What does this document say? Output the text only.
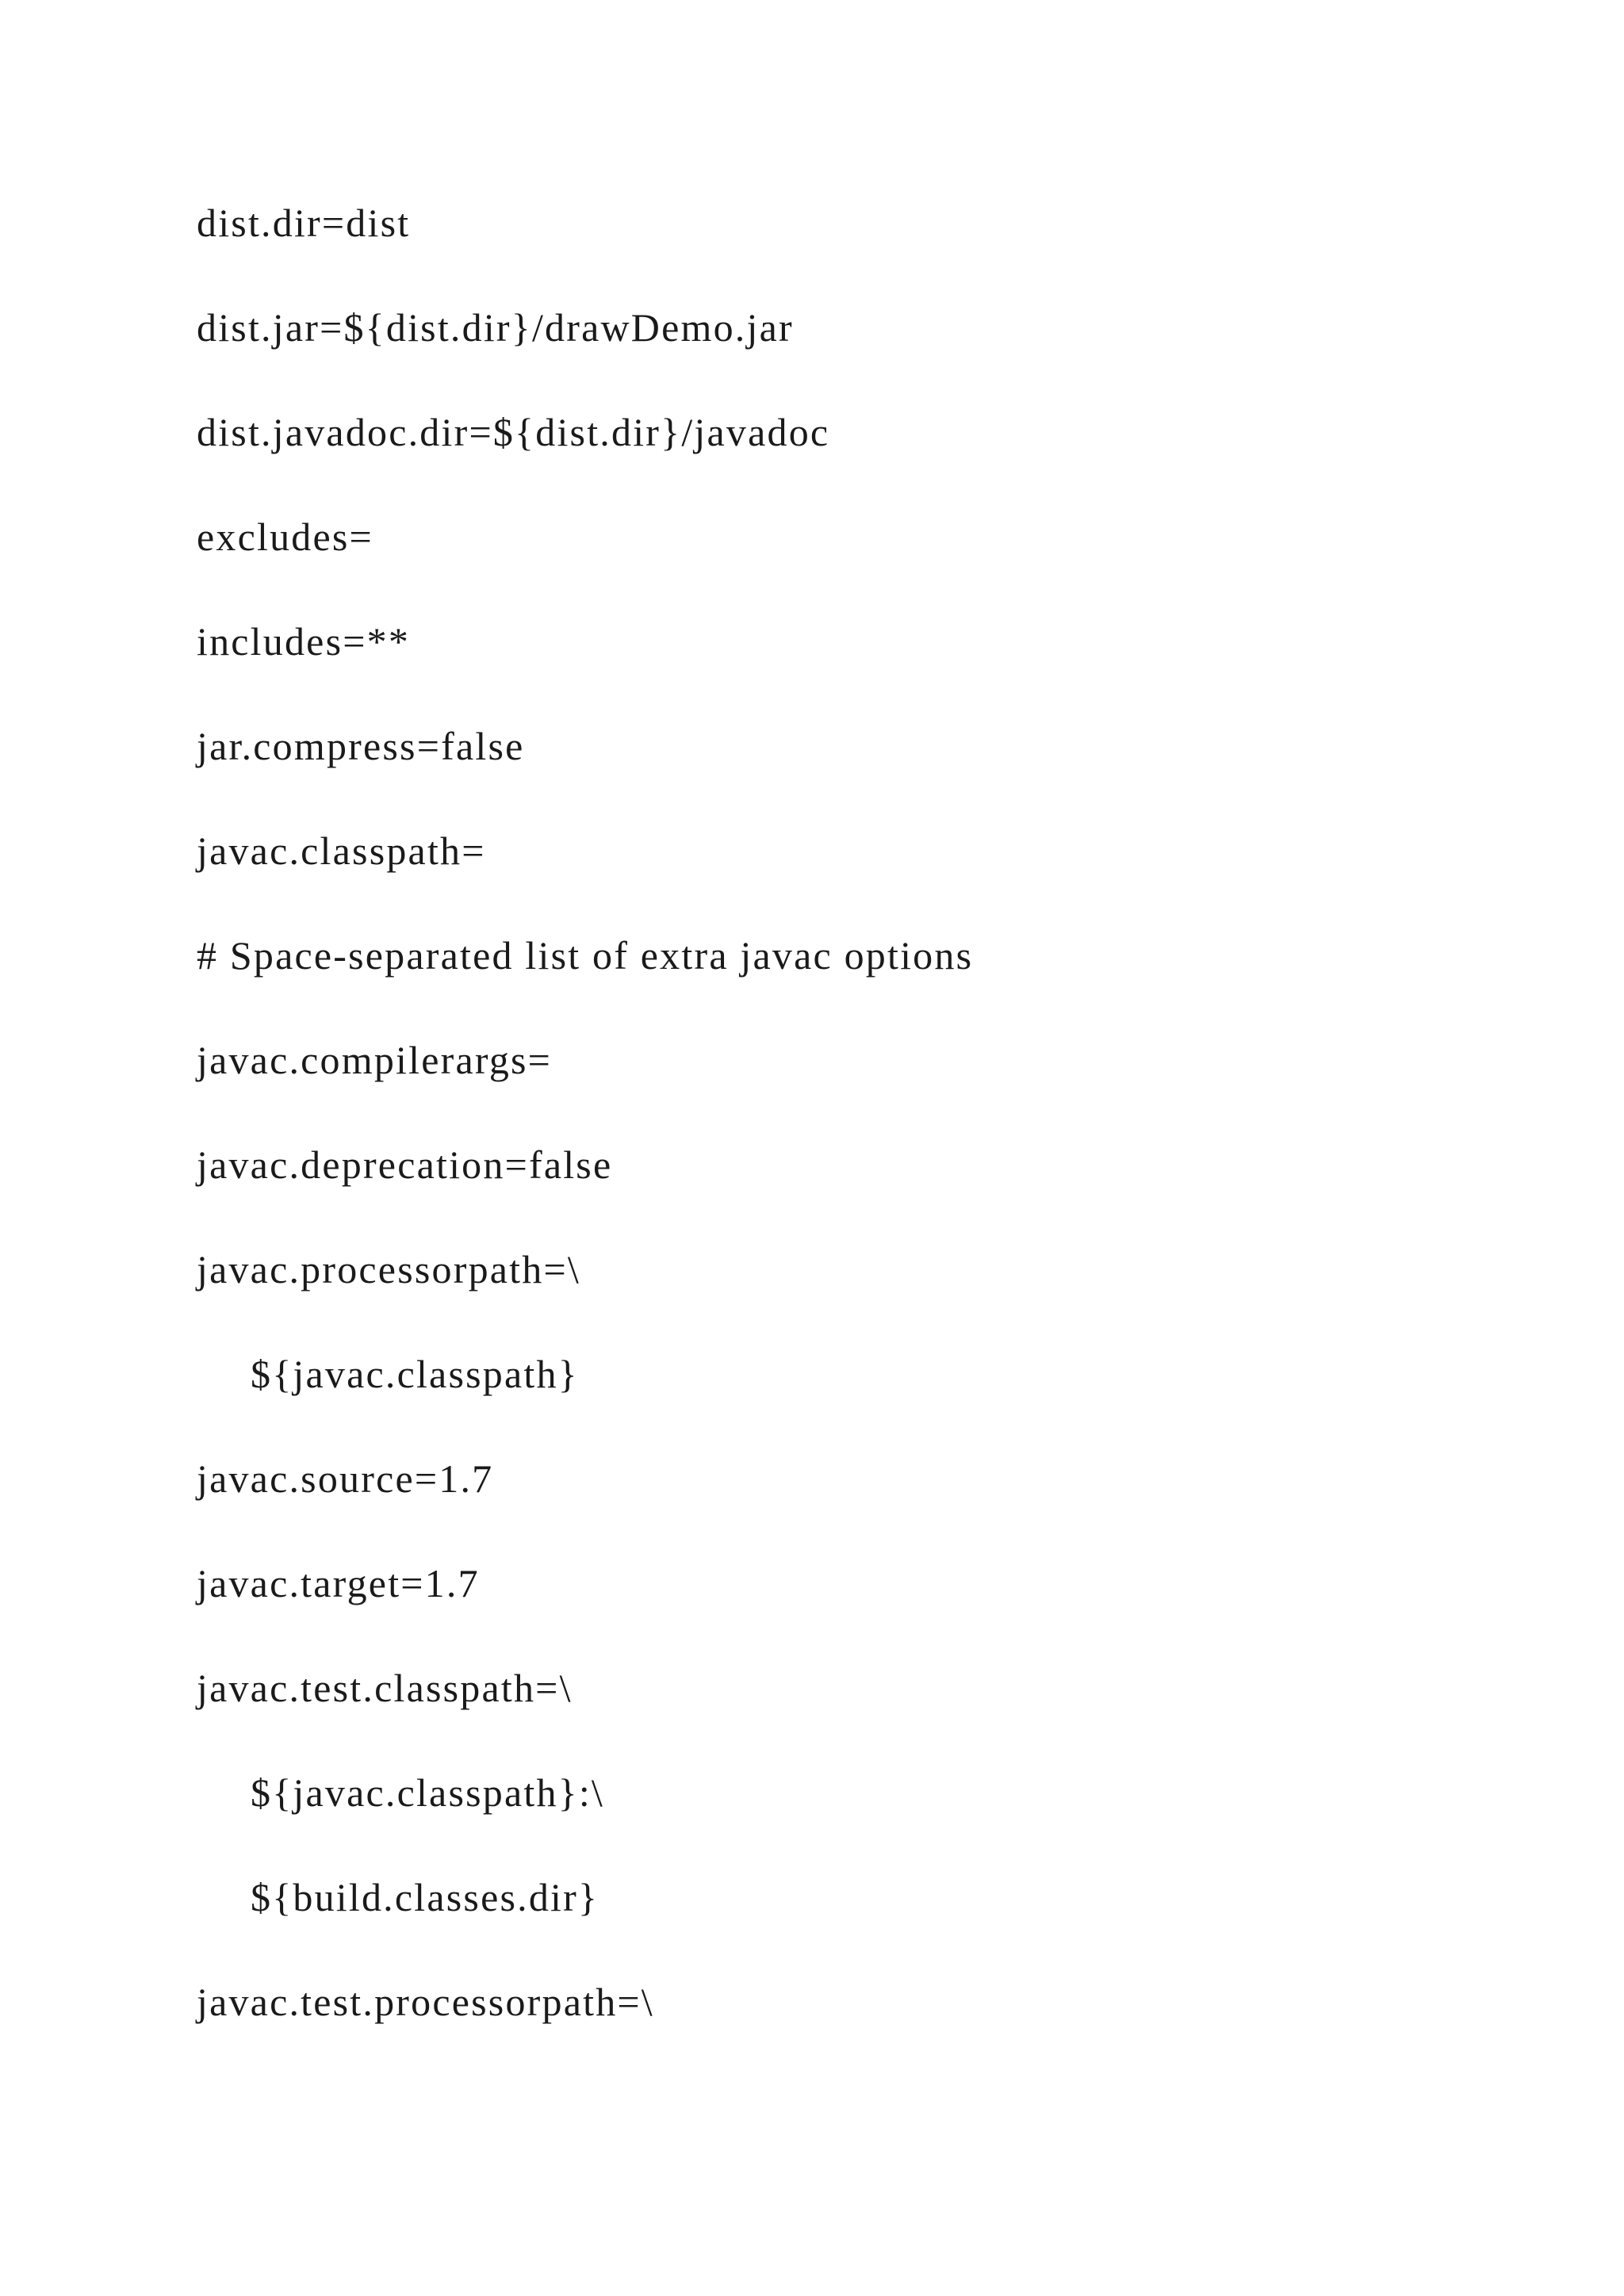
dist.dir=dist
dist.jar=${dist.dir}/drawDemo.jar
dist.javadoc.dir=${dist.dir}/javadoc
excludes=
includes=**
jar.compress=false
javac.classpath=
# Space-separated list of extra javac options
javac.compilerargs=
javac.deprecation=false
javac.processorpath=\
${javac.classpath}
javac.source=1.7
javac.target=1.7
javac.test.classpath=\
${javac.classpath}:\
${build.classes.dir}
javac.test.processorpath=\
